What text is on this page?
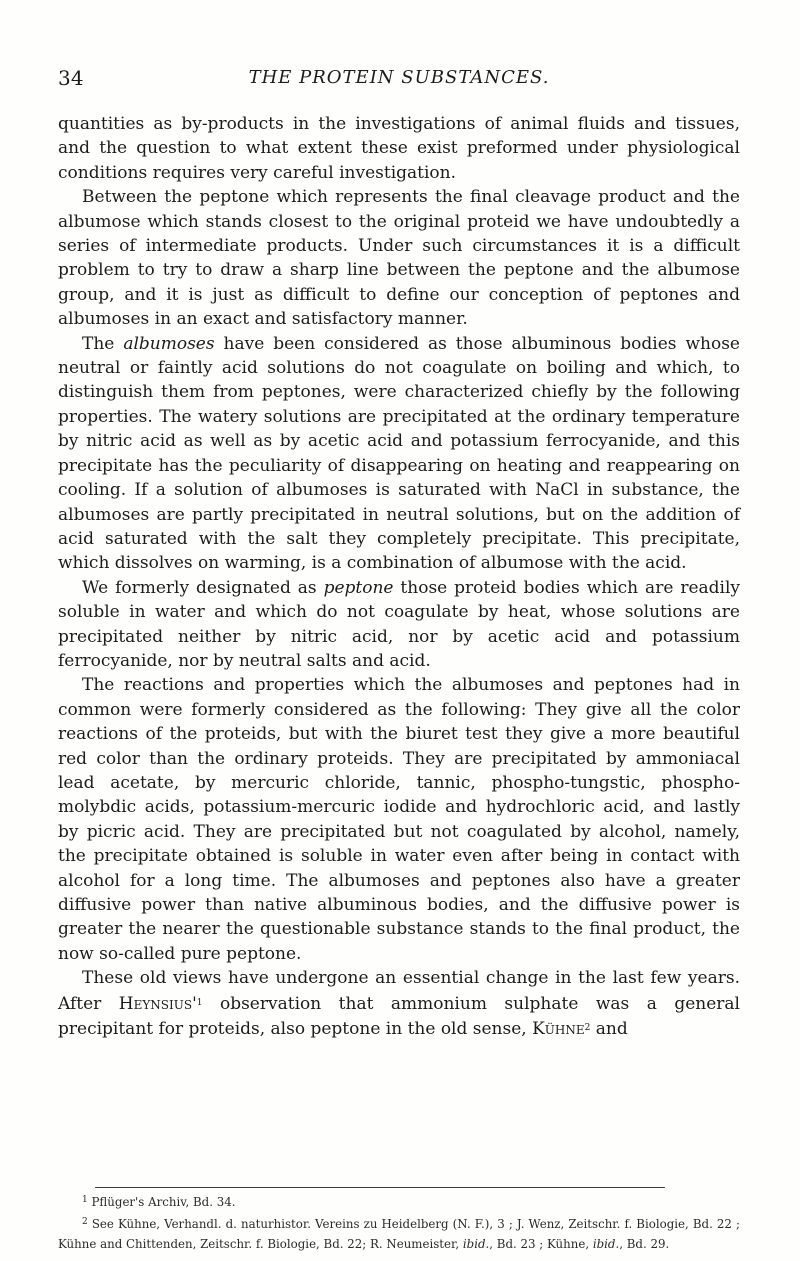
34	THE PROTEIN SUBSTANCES.

quantities as by-products in the investigations of animal fluids and tissues, and the question to what extent these exist preformed under physiological conditions requires very careful investigation.

Between the peptone which represents the final cleavage product and the albumose which stands closest to the original proteid we have undoubtedly a series of intermediate products. Under such circumstances it is a difficult problem to try to draw a sharp line between the peptone and the albumose group, and it is just as difficult to define our conception of peptones and albumoses in an exact and satisfactory manner.

The albumoses have been considered as those albuminous bodies whose neutral or faintly acid solutions do not coagulate on boiling and which, to distinguish them from peptones, were characterized chiefly by the following properties. The watery solutions are precipitated at the ordinary temperature by nitric acid as well as by acetic acid and potassium ferrocyanide, and this precipitate has the peculiarity of disappearing on heating and reappearing on cooling. If a solution of albumoses is saturated with NaCl in substance, the albumoses are partly precipitated in neutral solutions, but on the addition of acid saturated with the salt they completely precipitate. This precipitate, which dissolves on warming, is a combination of albumose with the acid.

We formerly designated as peptone those proteid bodies which are readily soluble in water and which do not coagulate by heat, whose solutions are precipitated neither by nitric acid, nor by acetic acid and potassium ferrocyanide, nor by neutral salts and acid.

The reactions and properties which the albumoses and peptones had in common were formerly considered as the following: They give all the color reactions of the proteids, but with the biuret test they give a more beautiful red color than the ordinary proteids. They are precipitated by ammoniacal lead acetate, by mercuric chloride, tannic, phospho-tungstic, phospho-molybdic acids, potassium-mercuric iodide and hydrochloric acid, and lastly by picric acid. They are precipitated but not coagulated by alcohol, namely, the precipitate obtained is soluble in water even after being in contact with alcohol for a long time. The albumoses and peptones also have a greater diffusive power than native albuminous bodies, and the diffusive power is greater the nearer the questionable substance stands to the final product, the now so-called pure peptone.

These old views have undergone an essential change in the last few years. After $Heynsius'^1$ observation that ammonium sulphate was a general precipitant for proteids, also peptone in the old sense, Kühne$^2$ and

$^1$ Pflüger's Archiv, Bd. 34.

$^2$ See Kühne, Verhandl. d. naturhistor. Vereins zu Heidelberg (N. F.), 3 ; J. Wenz, Zeitschr. f. Biologie, Bd. 22 ; Kühne and Chittenden, Zeitschr. f. Biologie, Bd. 22; R. Neumeister, ibid., Bd. 23 ; Kühne, ibid., Bd. 29.
